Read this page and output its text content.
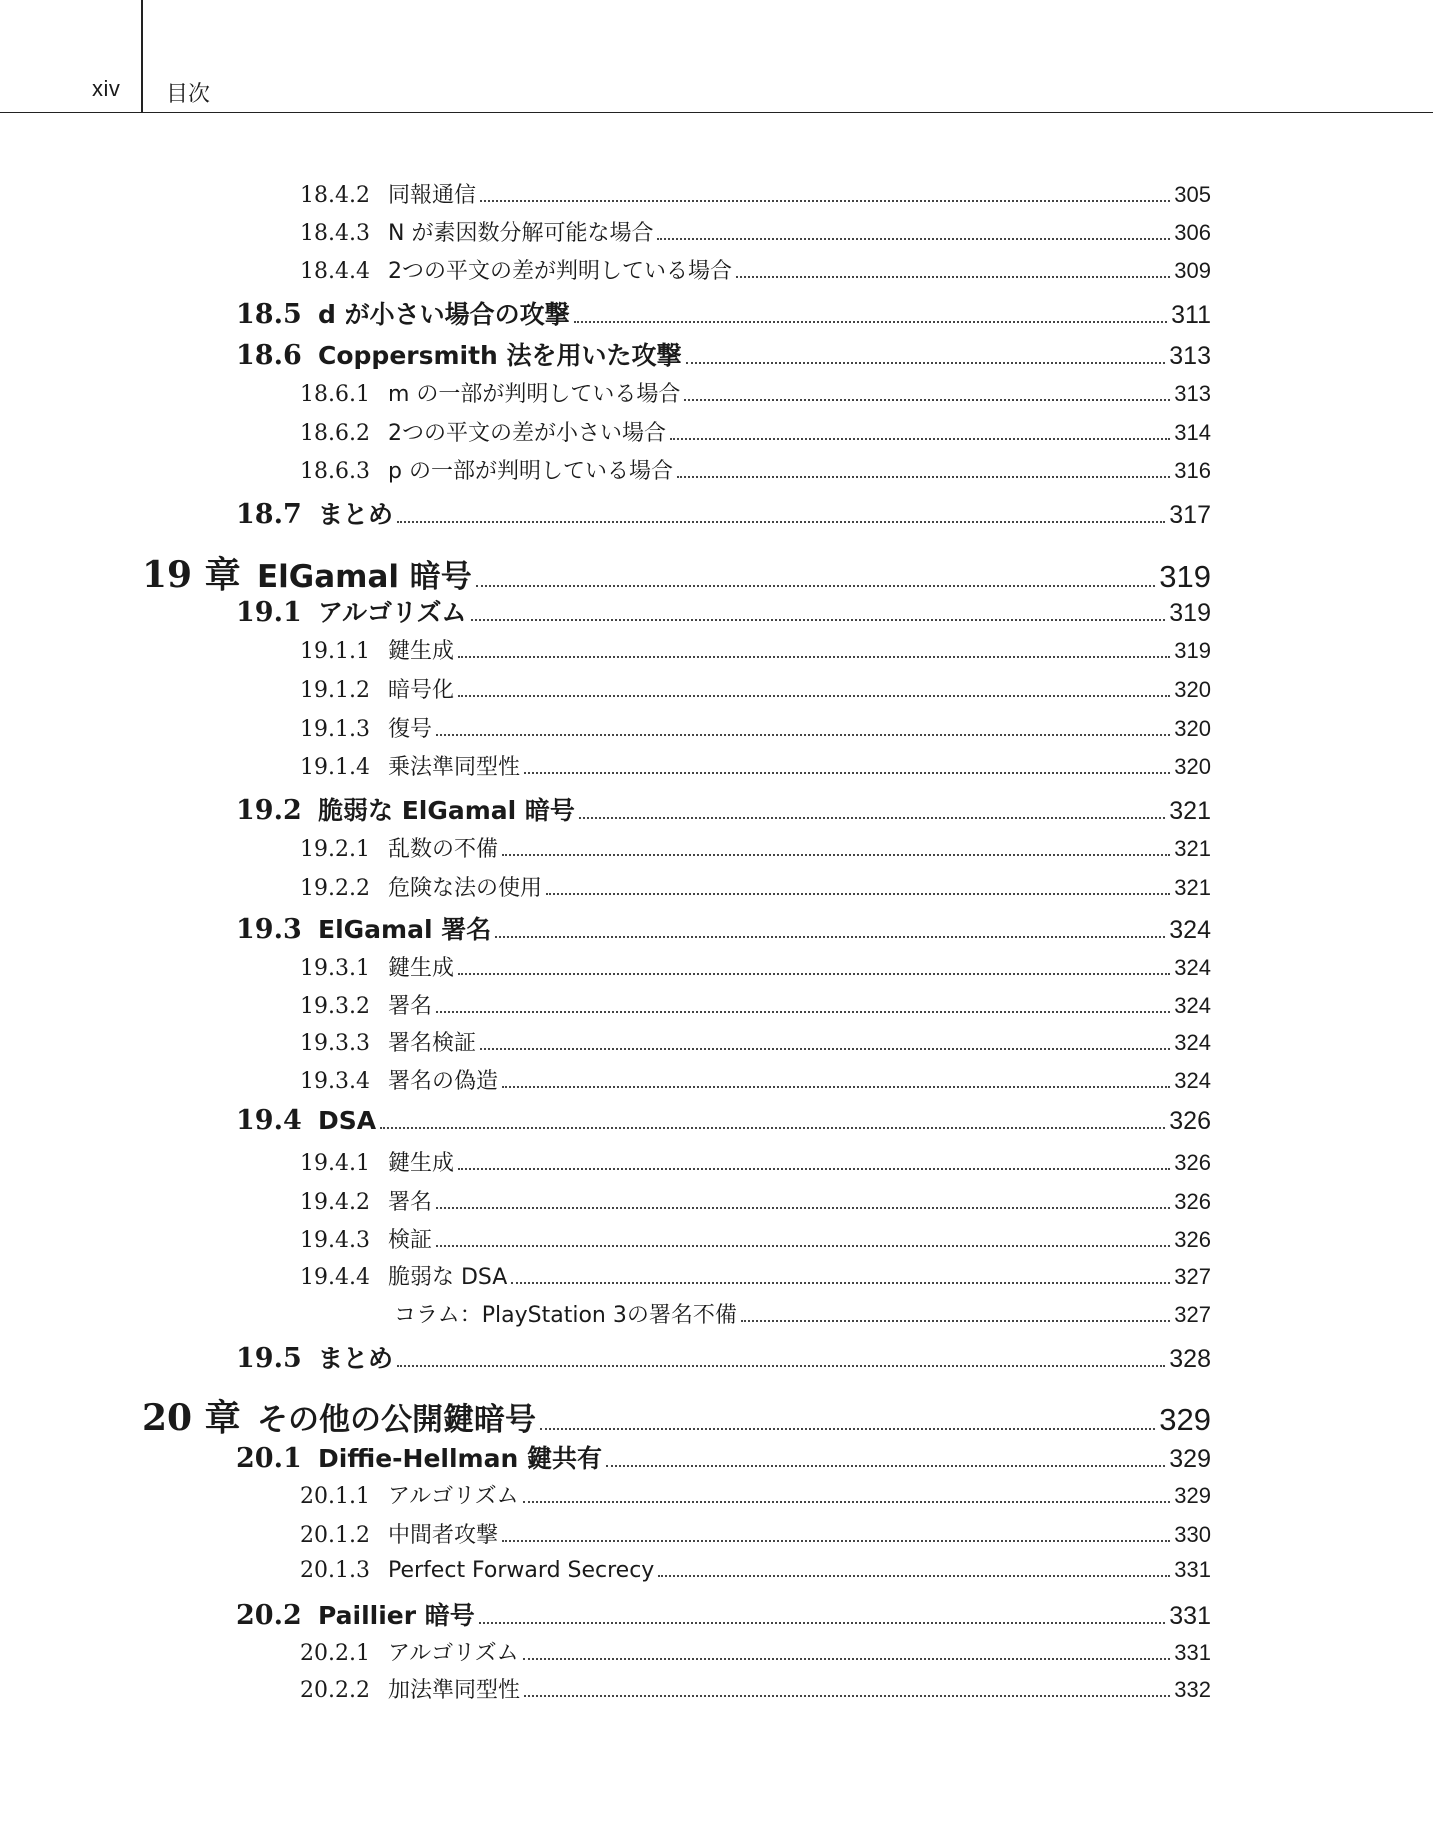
xiv 目次
18.4.2 同報通信	305
18.4.3 N が素因数分解可能な場合	306
18.4.4 2つの平文の差が判明している場合	309
18.5 d が小さい場合の攻撃	311
18.6 Coppersmith 法を用いた攻撃	313
18.6.1 m の一部が判明している場合	313
18.6.2 2つの平文の差が小さい場合	314
18.6.3 p の一部が判明している場合	316
18.7 まとめ	317
19 章 ElGamal 暗号	319
19.1 アルゴリズム	319
19.1.1 鍵生成	319
19.1.2 暗号化	320
19.1.3 復号	320
19.1.4 乗法準同型性	320
19.2 脆弱な ElGamal 暗号	321
19.2.1 乱数の不備	321
19.2.2 危険な法の使用	321
19.3 ElGamal 署名	324
19.3.1 鍵生成	324
19.3.2 署名	324
19.3.3 署名検証	324
19.3.4 署名の偽造	324
19.4 DSA	326
19.4.1 鍵生成	326
19.4.2 署名	326
19.4.3 検証	326
19.4.4 脆弱な DSA	327
コラム：PlayStation 3の署名不備	327
19.5 まとめ	328
20 章 その他の公開鍵暗号	329
20.1 Diffie-Hellman 鍵共有	329
20.1.1 アルゴリズム	329
20.1.2 中間者攻撃	330
20.1.3 Perfect Forward Secrecy	331
20.2 Paillier 暗号	331
20.2.1 アルゴリズム	331
20.2.2 加法準同型性	332
